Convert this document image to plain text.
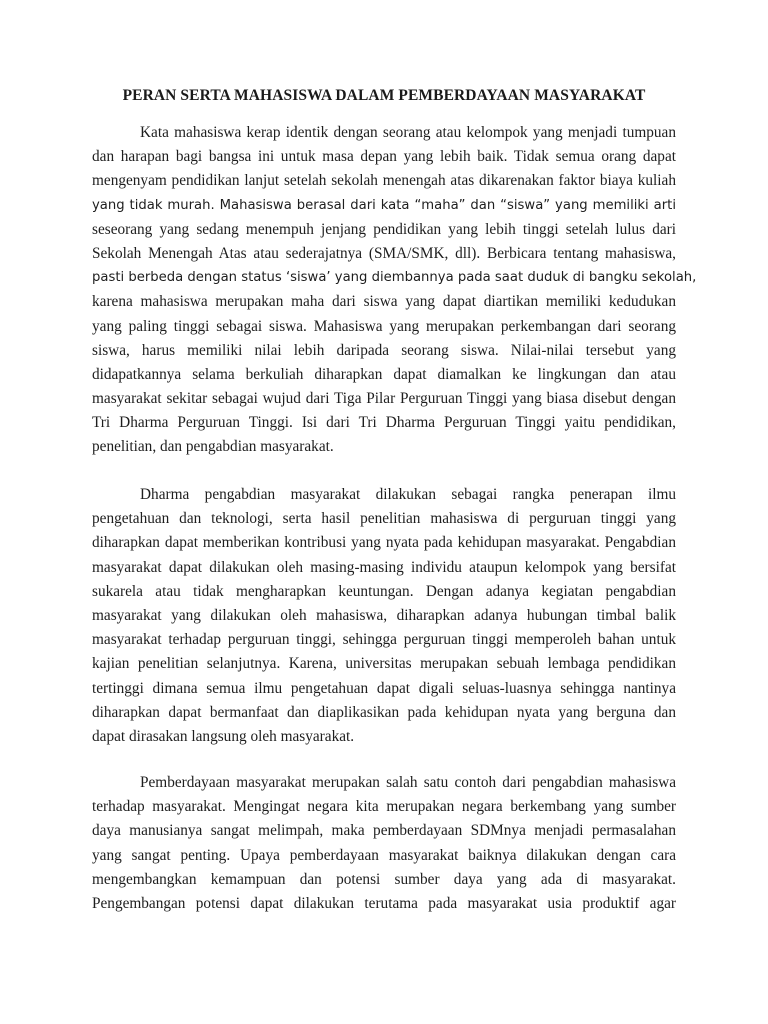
PERAN SERTA MAHASISWA DALAM PEMBERDAYAAN MASYARAKAT
Kata mahasiswa kerap identik dengan seorang atau kelompok yang menjadi tumpuan
dan harapan bagi bangsa ini untuk masa depan yang lebih baik. Tidak semua orang dapat
mengenyam pendidikan lanjut setelah sekolah menengah atas dikarenakan faktor biaya kuliah
yang tidak murah. Mahasiswa berasal dari kata “maha” dan “siswa” yang memiliki arti
seseorang yang sedang menempuh jenjang pendidikan yang lebih tinggi setelah lulus dari
Sekolah Menengah Atas atau sederajatnya (SMA/SMK, dll). Berbicara tentang mahasiswa,
pasti berbeda dengan status ‘siswa’ yang diembannya pada saat duduk di bangku sekolah,
karena mahasiswa merupakan maha dari siswa yang dapat diartikan memiliki kedudukan
yang paling tinggi sebagai siswa. Mahasiswa yang merupakan perkembangan dari seorang
siswa, harus memiliki nilai lebih daripada seorang siswa. Nilai-nilai tersebut yang
didapatkannya selama berkuliah diharapkan dapat diamalkan ke lingkungan dan atau
masyarakat sekitar sebagai wujud dari Tiga Pilar Perguruan Tinggi yang biasa disebut dengan
Tri Dharma Perguruan Tinggi. Isi dari Tri Dharma Perguruan Tinggi yaitu pendidikan,
penelitian, dan pengabdian masyarakat.
Dharma pengabdian masyarakat dilakukan sebagai rangka penerapan ilmu
pengetahuan dan teknologi, serta hasil penelitian mahasiswa di perguruan tinggi yang
diharapkan dapat memberikan kontribusi yang nyata pada kehidupan masyarakat. Pengabdian
masyarakat dapat dilakukan oleh masing-masing individu ataupun kelompok yang bersifat
sukarela atau tidak mengharapkan keuntungan. Dengan adanya kegiatan pengabdian
masyarakat yang dilakukan oleh mahasiswa, diharapkan adanya hubungan timbal balik
masyarakat terhadap perguruan tinggi, sehingga perguruan tinggi memperoleh bahan untuk
kajian penelitian selanjutnya. Karena, universitas merupakan sebuah lembaga pendidikan
tertinggi dimana semua ilmu pengetahuan dapat digali seluas-luasnya sehingga nantinya
diharapkan dapat bermanfaat dan diaplikasikan pada kehidupan nyata yang berguna dan
dapat dirasakan langsung oleh masyarakat.
Pemberdayaan masyarakat merupakan salah satu contoh dari pengabdian mahasiswa
terhadap masyarakat. Mengingat negara kita merupakan negara berkembang yang sumber
daya manusianya sangat melimpah, maka pemberdayaan SDMnya menjadi permasalahan
yang sangat penting. Upaya pemberdayaan masyarakat baiknya dilakukan dengan cara
mengembangkan kemampuan dan potensi sumber daya yang ada di masyarakat.
Pengembangan potensi dapat dilakukan terutama pada masyarakat usia produktif agar
